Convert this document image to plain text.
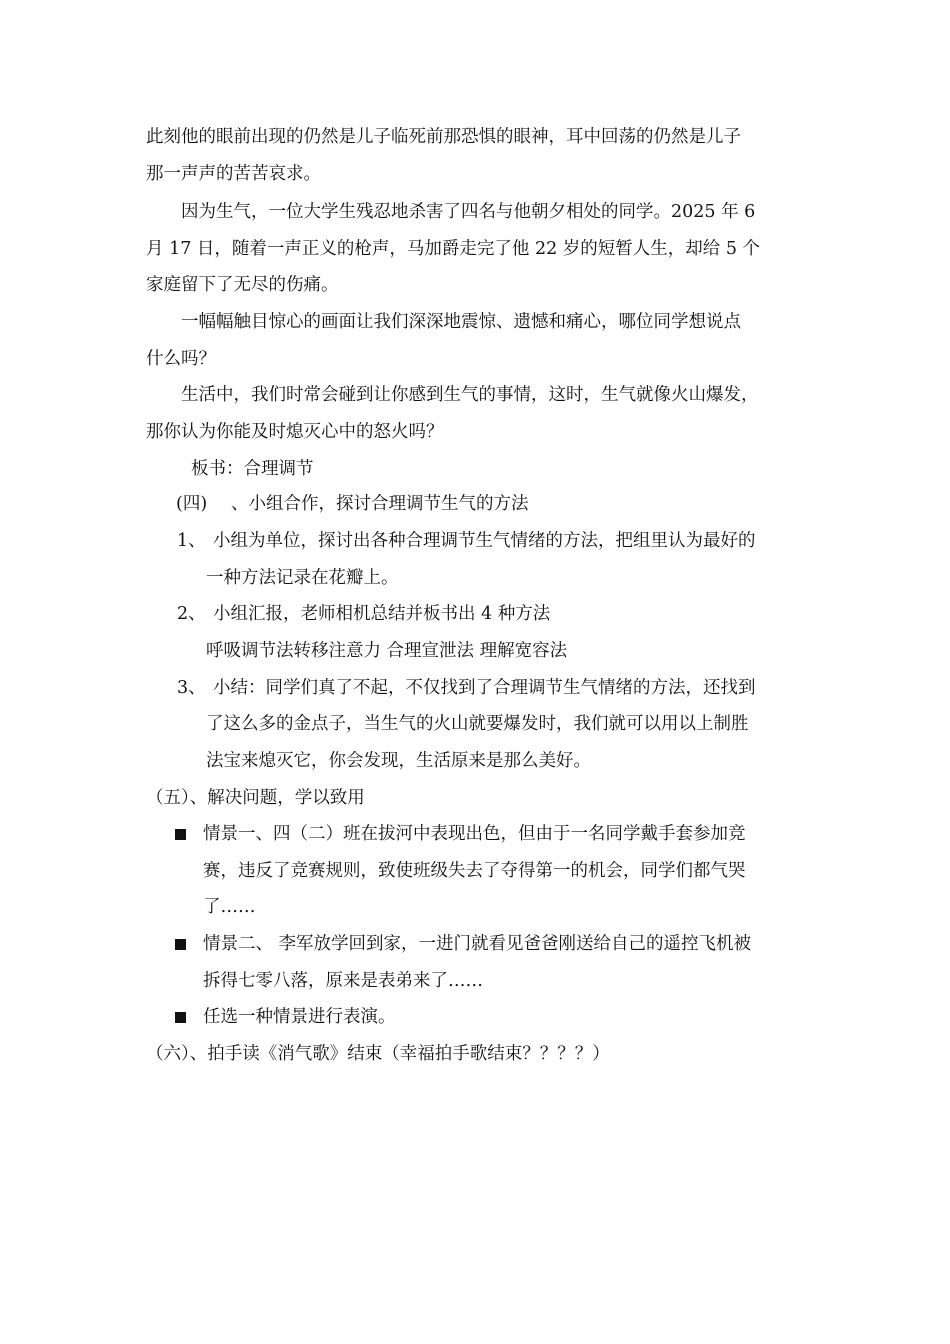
此刻他的眼前出现的仍然是儿子临死前那恐惧的眼神，耳中回荡的仍然是儿子
那一声声的苦苦哀求。
因为生气，一位大学生残忍地杀害了四名与他朝夕相处的同学。2025 年 6
月 17 日，随着一声正义的枪声，马加爵走完了他 22 岁的短暂人生，却给 5 个
家庭留下了无尽的伤痛。
一幅幅触目惊心的画面让我们深深地震惊、遗憾和痛心，哪位同学想说点
什么吗？
生活中，我们时常会碰到让你感到生气的事情，这时，生气就像火山爆发，
那你认为你能及时熄灭心中的怒火吗？
板书：合理调节
(四) 、小组合作，探讨合理调节生气的方法
1、 小组为单位，探讨出各种合理调节生气情绪的方法，把组里认为最好的
一种方法记录在花瓣上。
2、 小组汇报，老师相机总结并板书出 4 种方法
呼吸调节法转移注意力 合理宣泄法 理解宽容法
3、 小结：同学们真了不起，不仅找到了合理调节生气情绪的方法，还找到
了这么多的金点子，当生气的火山就要爆发时，我们就可以用以上制胜
法宝来熄灭它，你会发现，生活原来是那么美好。
（五）、解决问题，学以致用
情景一、四（二）班在拔河中表现出色，但由于一名同学戴手套参加竞
赛，违反了竞赛规则，致使班级失去了夺得第一的机会，同学们都气哭
了……
情景二、 李军放学回到家，一进门就看见爸爸刚送给自己的遥控飞机被
拆得七零八落，原来是表弟来了……
任选一种情景进行表演。
（六）、拍手读《消气歌》结束（幸福拍手歌结束？？？？）
